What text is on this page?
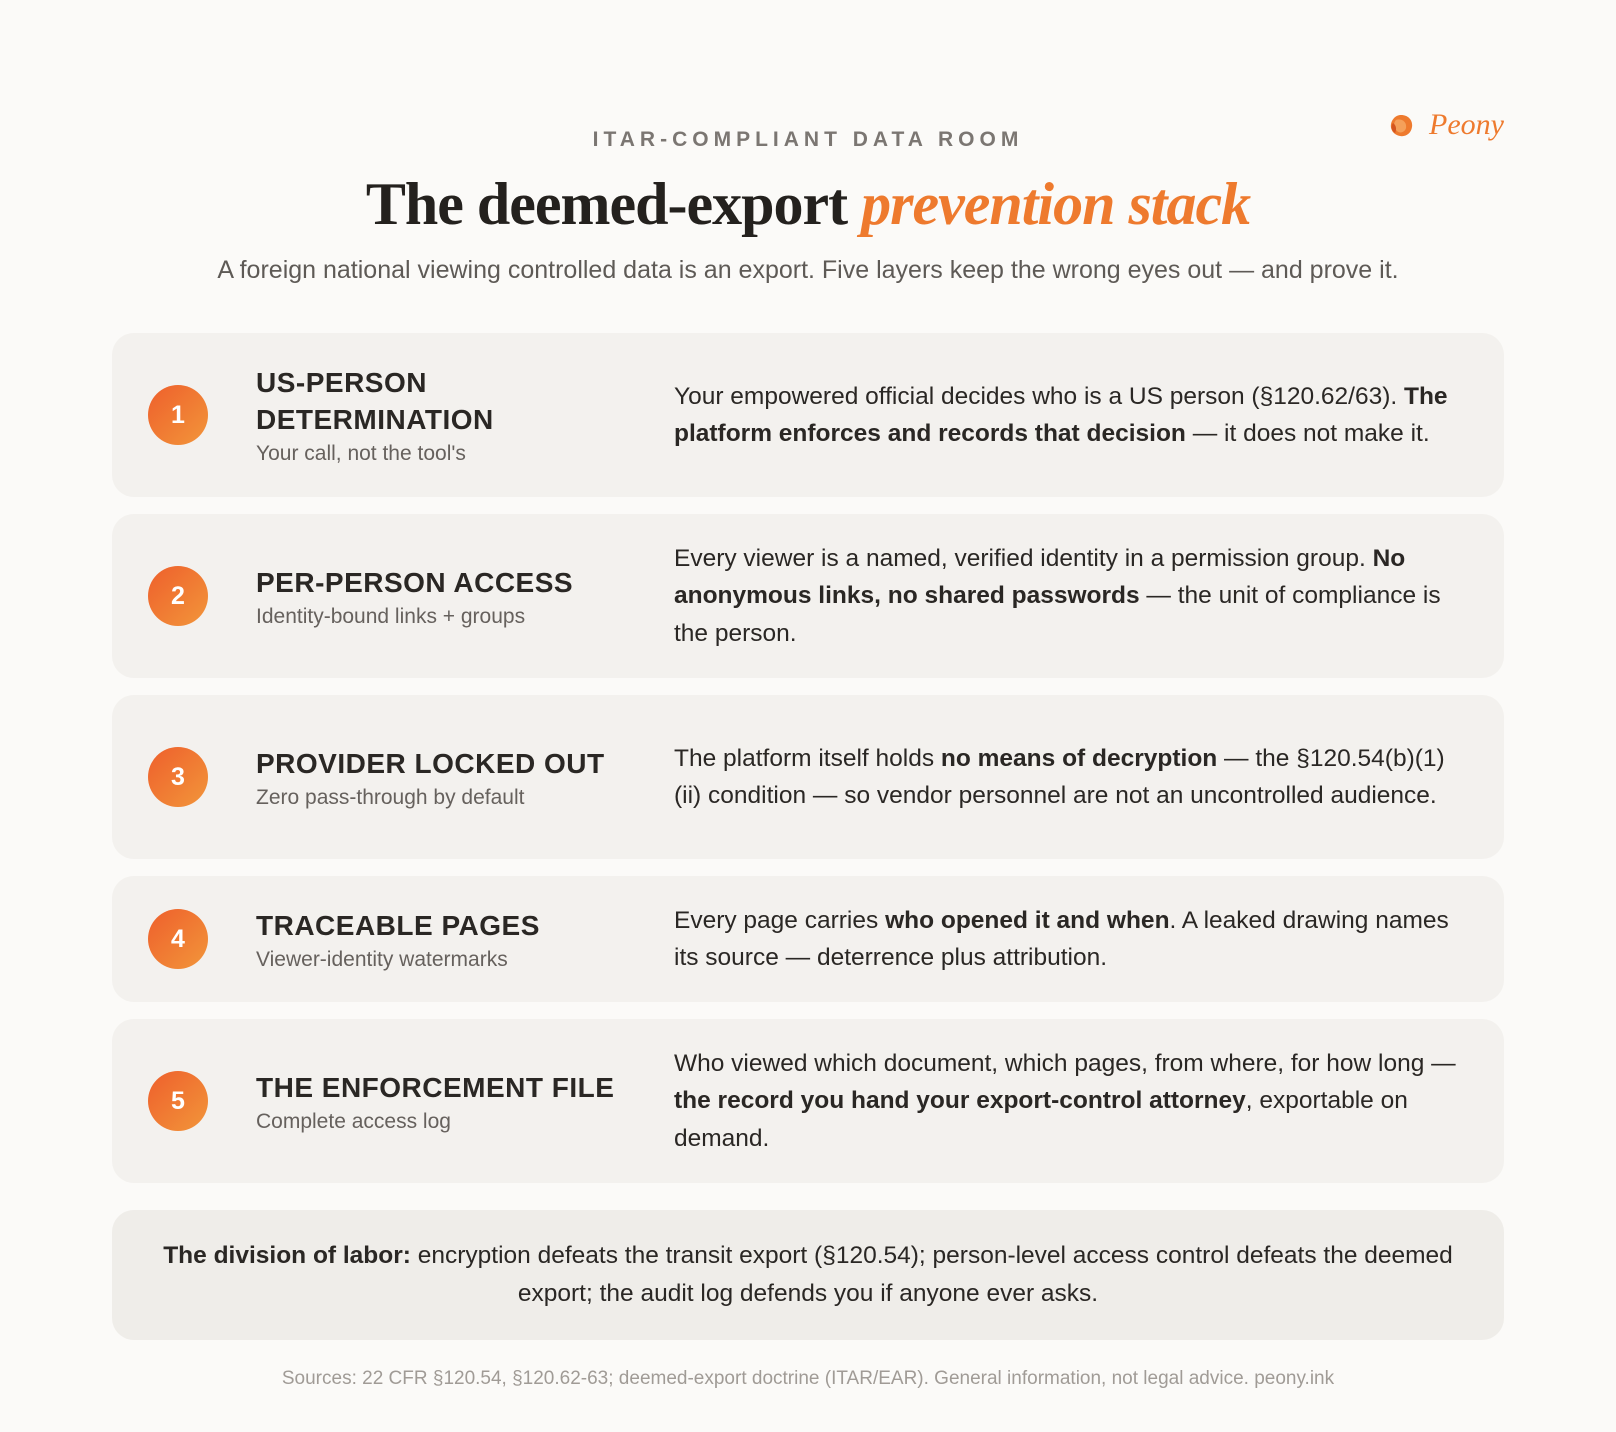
Peony
ITAR-COMPLIANT DATA ROOM
The deemed-export prevention stack

A foreign national viewing controlled data is an export. Five layers keep the wrong eyes out — and prove it.

1
US-PERSON DETERMINATION
Your call, not the tool's

Your empowered official decides who is a US person (§120.62/63). The platform enforces and records that decision — it does not make it.

2	PER-PERSON ACCESS
Identity-bound links + groups

Every viewer is a named, verified identity in a permission group. No anonymous links, no shared passwords — the unit of compliance is the person.

3	PROVIDER LOCKED OUT
Zero pass-through by default

The platform itself holds no means of decryption — the §120.54(b)(1)(ii) condition — so vendor personnel are not an uncontrolled audience.

4	TRACEABLE PAGES
Viewer-identity watermarks

Every page carries who opened it and when. A leaked drawing names its source — deterrence plus attribution.

5	THE ENFORCEMENT FILE
Complete access log

Who viewed which document, which pages, from where, for how long — the record you hand your export-control attorney, exportable on demand.

The division of labor: encryption defeats the transit export (§120.54); person-level access control defeats the deemed export; the audit log defends you if anyone ever asks.

Sources: 22 CFR §120.54, §120.62-63; deemed-export doctrine (ITAR/EAR). General information, not legal advice. peony.ink
